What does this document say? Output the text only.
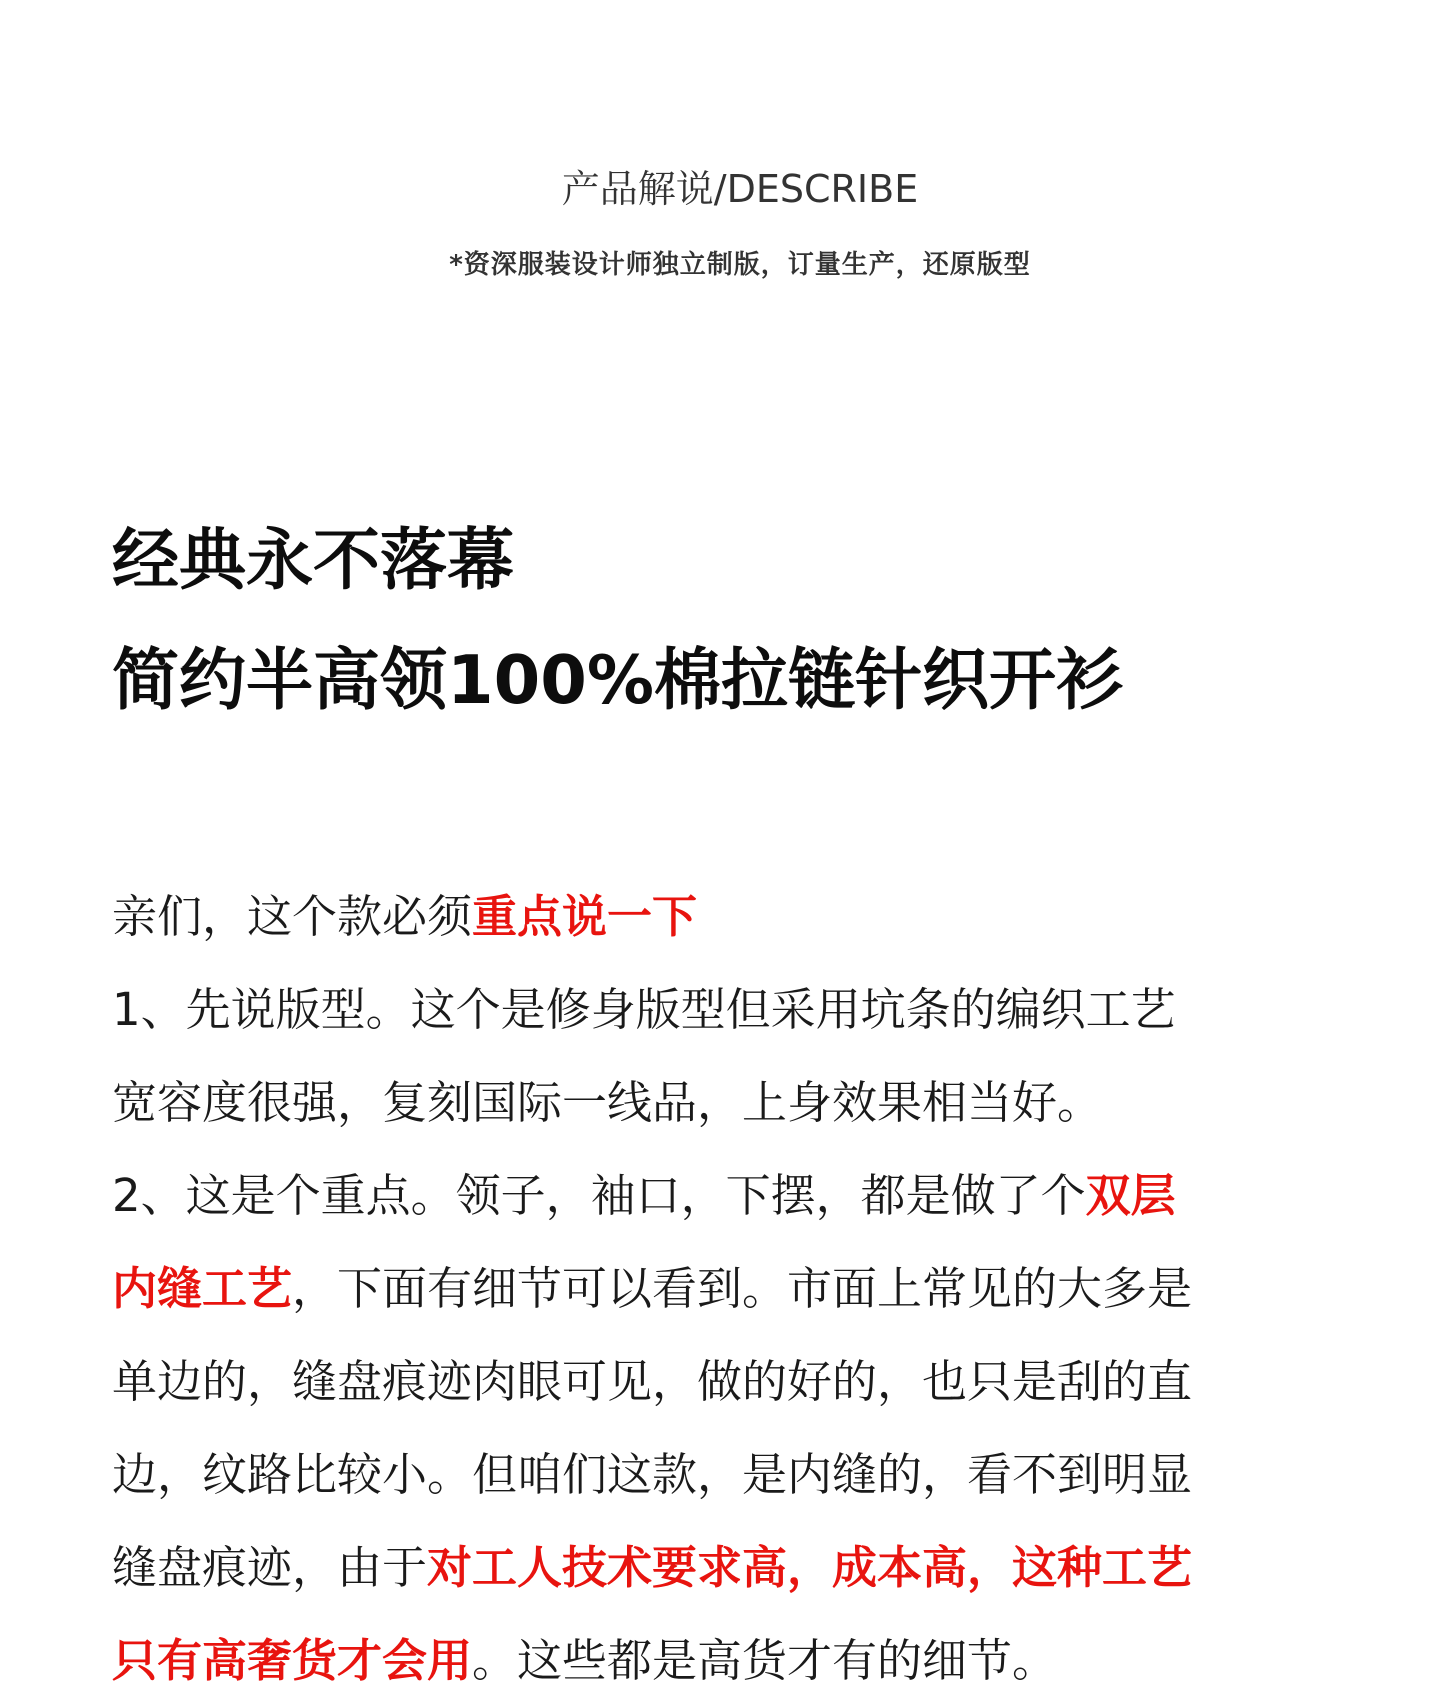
产品解说/DESCRIBE
*资深服装设计师独立制版，订量生产，还原版型
经典永不落幕
简约半高领100%棉拉链针织开衫
亲们，这个款必须重点说一下
1、先说版型。这个是修身版型但采用坑条的编织工艺
宽容度很强，复刻国际一线品，上身效果相当好。
2、这是个重点。领子，袖口，下摆，都是做了个双层
内缝工艺，下面有细节可以看到。市面上常见的大多是
单边的，缝盘痕迹肉眼可见，做的好的，也只是刮的直
边，纹路比较小。但咱们这款，是内缝的，看不到明显
缝盘痕迹，由于对工人技术要求高，成本高，这种工艺
只有高奢货才会用。这些都是高货才有的细节。
